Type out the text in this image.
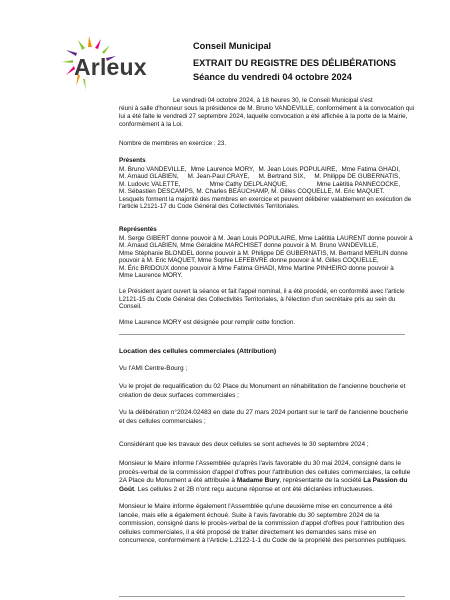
Arleux
Conseil Municipal
EXTRAIT DU REGISTRE DES DÉLIBÉRATIONS
Séance du vendredi 04 octobre 2024
Le vendredi 04 octobre 2024, à 18 heures 30, le Conseil Municipal s'est
réuni à salle d'honneur sous la présidence de M. Bruno VANDEVILLE, conformément à la convocation qui
lui a été faite le vendredi 27 septembre 2024, laquelle convocation a été affichée à la porte de la Mairie,
conformément à la Loi.
Nombre de membres en exercice : 23.
Présents
M. Bruno VANDEVILLE, Mme Laurence MORY, M. Jean Louis POPULAIRE, Mme Fatima GHADI,
M. Arnaud GLABIEN, M. Jean-Paul CRAYE, M. Bertrand SIX, M. Philippe DE GUBERNATIS,
M. Ludovic VALETTE,	Mme Cathy DELPLANQUE,	Mme Laëtitia PANNECOCKE,
M. Sébastien DESCAMPS, M. Charles BEAUCHAMP, M. Gilles COQUELLE, M. Eric MAQUET.
Lesquels forment la majorité des membres en exercice et peuvent délibérer valablement en exécution de
l'article L2121-17 du Code Général des Collectivités Territoriales.
Représentés
M. Serge GIBERT donne pouvoir à M. Jean Louis POPULAIRE, Mme Laëtitia LAURENT donne pouvoir à
M. Arnaud GLABIEN, Mme Géraldine MARCHISET donne pouvoir à M. Bruno VANDEVILLE,
Mme Stéphanie BLONDEL donne pouvoir à M. Philippe DE GUBERNATIS, M. Bertrand MERLIN donne
pouvoir à M. Eric MAQUET, Mme Sophie LEFEBVRE donne pouvoir à M. Gilles COQUELLE,
M. Éric BRIDOUX donne pouvoir à Mme Fatima GHADI, Mme Martine PINHEIRO donne pouvoir à
Mme Laurence MORY.
Le Président ayant ouvert la séance et fait l'appel nominal, il a été procédé, en conformité avec l'article
L2121-15 du Code Général des Collectivités Territoriales, à l'élection d'un secrétaire pris au sein du
Conseil.
Mme Laurence MORY est désignée pour remplir cette fonction.
Location des cellules commerciales (Attribution)
Vu l'AMI Centre-Bourg ;
Vu le projet de requalification du 02 Place du Monument en réhabilitation de l'ancienne boucherie et
création de deux surfaces commerciales ;
Vu la délibération n°2024.02483 en date du 27 mars 2024 portant sur le tarif de l'ancienne boucherie
et des cellules commerciales ;
Considérant que les travaux des deux cellules se sont achevés le 30 septembre 2024 ;
Monsieur le Maire informe l'Assemblée qu'après l'avis favorable du 30 mai 2024, consigné dans le
procès-verbal de la commission d'appel d'offres pour l'attribution des cellules commerciales, la cellule
2A Place du Monument a été attribuée à Madame Bury, représentante de la société La Passion du
Goût. Les cellules 2 et 2B n'ont reçu aucune réponse et ont été déclarées infructueuses.
Monsieur le Maire informe également l'Assemblée qu'une deuxième mise en concurrence a été
lancée, mais elle a également échoué. Suite à l'avis favorable du 30 septembre 2024 de la
commission, consigné dans le procès-verbal de la commission d'appel d'offres pour l'attribution des
cellules commerciales, il a été proposé de traiter directement les demandes sans mise en
concurrence, conformément à l'Article L.2122-1-1 du Code de la propriété des personnes publiques.
